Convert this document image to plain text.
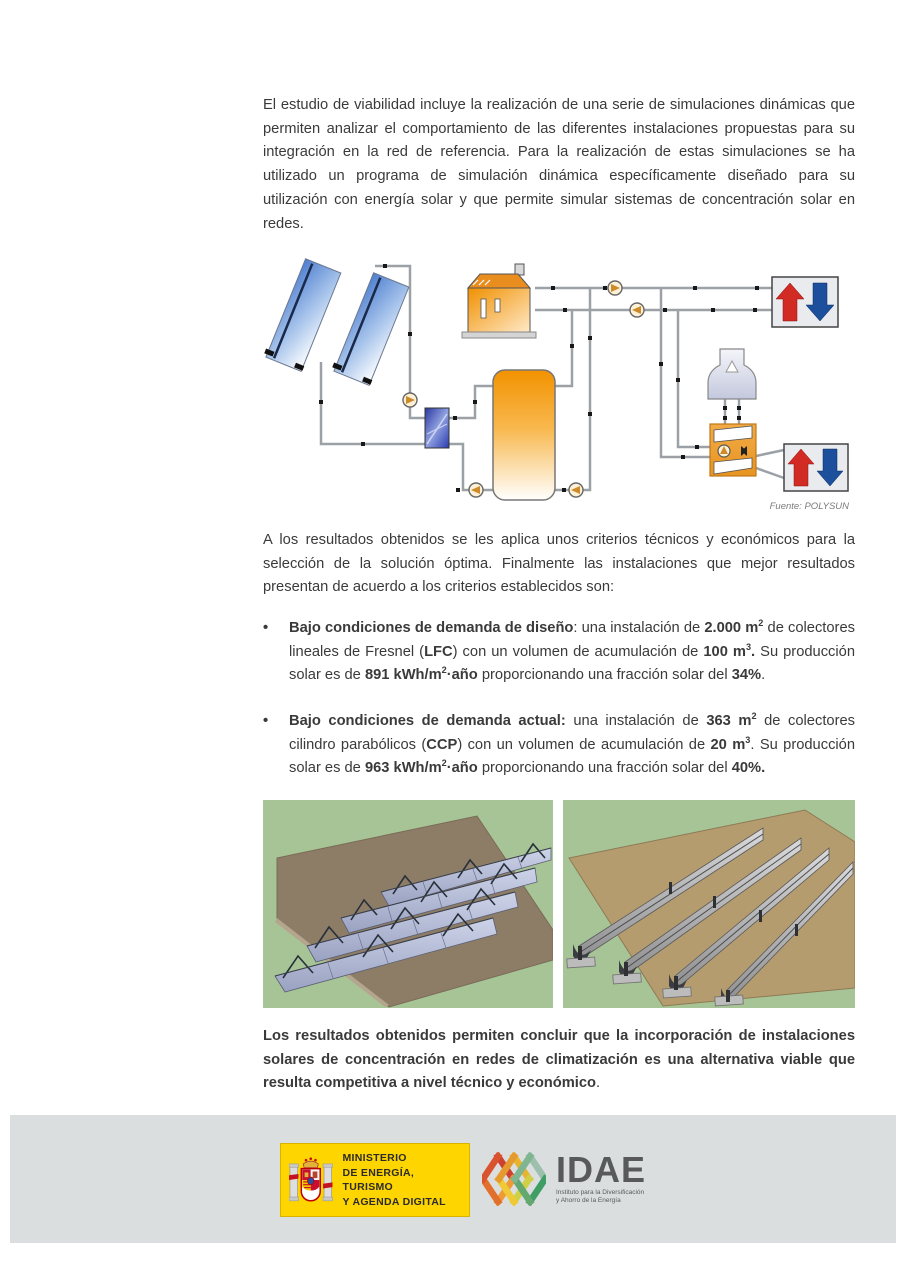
El estudio de viabilidad incluye la realización de una serie de simulaciones dinámicas que permiten analizar el comportamiento de las diferentes instalaciones propuestas para su integración en la red de referencia. Para la realización de estas simulaciones se ha utilizado un programa de simulación dinámica específicamente diseñado para su utilización con energía solar y que permite simular sistemas de concentración solar en redes.
Fuente: POLYSUN
A los resultados obtenidos se les aplica unos criterios técnicos y económicos para la selección de la solución óptima. Finalmente las instalaciones que mejor resultados presentan de acuerdo a los criterios establecidos son:
•	Bajo condiciones de demanda de diseño: una instalación de 2.000 $m^2$ de colectores lineales de Fresnel (LFC) con un volumen de acumulación de 100 $m^3$. Su producción solar es de 891 kWh/$m^2\cdot año$ proporcionando una fracción solar del 34%.
•	Bajo condiciones de demanda actual: una instalación de 363 $m^2$ de colectores cilindro parabólicos (CCP) con un volumen de acumulación de 20 $m^3$. Su producción solar es de 963 kWh/$m^2\cdot año$ proporcionando una fracción solar del 40%.
Los resultados obtenidos permiten concluir que la incorporación de instalaciones solares de concentración en redes de climatización es una alternativa viable que resulta competitiva a nivel técnico y económico.
MINISTERIO
DE ENERGÍA, TURISMO
Y AGENDA DIGITAL
IDAE
Instituto para la Diversificación
y Ahorro de la Energía
